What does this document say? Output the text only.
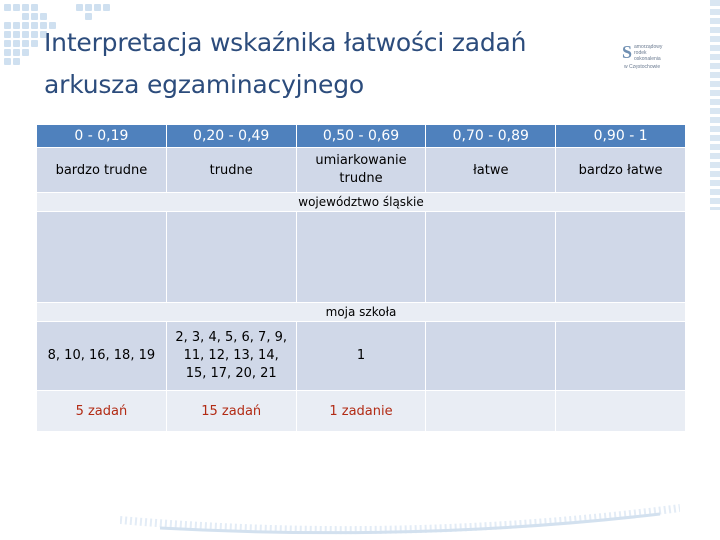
Interpretacja wskaźnika łatwości zadań
arkusza egzaminacyjnego
S amorządowy
rodek
oskonalenia
w Częstochowie
0 - 0,19	0,20 - 0,49	0,50 - 0,69	0,70 - 0,89	0,90 - 1
bardzo trudne	trudne	umiarkowanie trudne	łatwe	bardzo łatwe
województwo śląskie				

moja szkoła				
8, 10, 16, 18, 19	2, 3, 4, 5, 6, 7, 9, 11, 12, 13, 14, 15, 17, 20, 21	1		
5 zadań	15 zadań	1 zadanie		
